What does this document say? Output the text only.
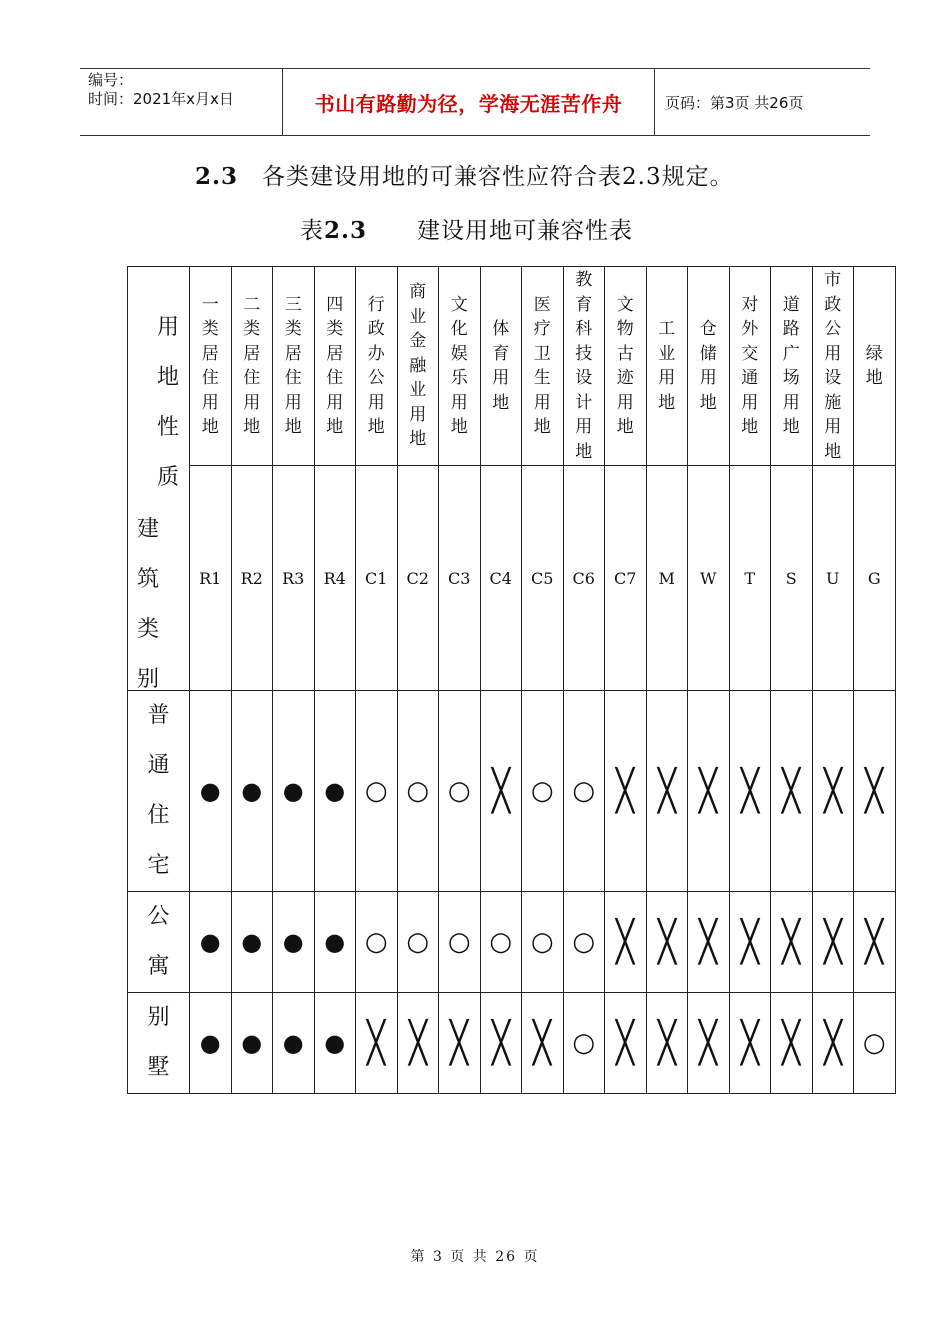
编号：
时间：2021年x月x日	书山有路勤为径，学海无涯苦作舟	页码：第3页 共26页
2.3 各类建设用地的可兼容性应符合表2.3规定。
表2.3 建设用地可兼容性表
用地性质
建筑类别	一类居住用地	二类居住用地	三类居住用地	四类居住用地	行政办公用地	商业金融业用地	文化娱乐用地	体育用地	医疗卫生用地	教育科技设计用地	文物古迹用地	工业用地	仓储用地	对外交通用地	道路广场用地	市政公用设施用地	绿地
	R1	R2	R3	R4	C1	C2	C3	C4	C5	C6	C7	M	W	T	S	U	G
普通住宅	●	●	●	●	○	○	○	╳	○	○	╳	╳	╳	╳	╳	╳	╳
公寓	●	●	●	●	○	○	○	○	○	○	╳	╳	╳	╳	╳	╳	╳
别墅	●	●	●	●	╳	╳	╳	╳	╳	○	╳	╳	╳	╳	╳	╳	○
第 3 页 共 26 页
